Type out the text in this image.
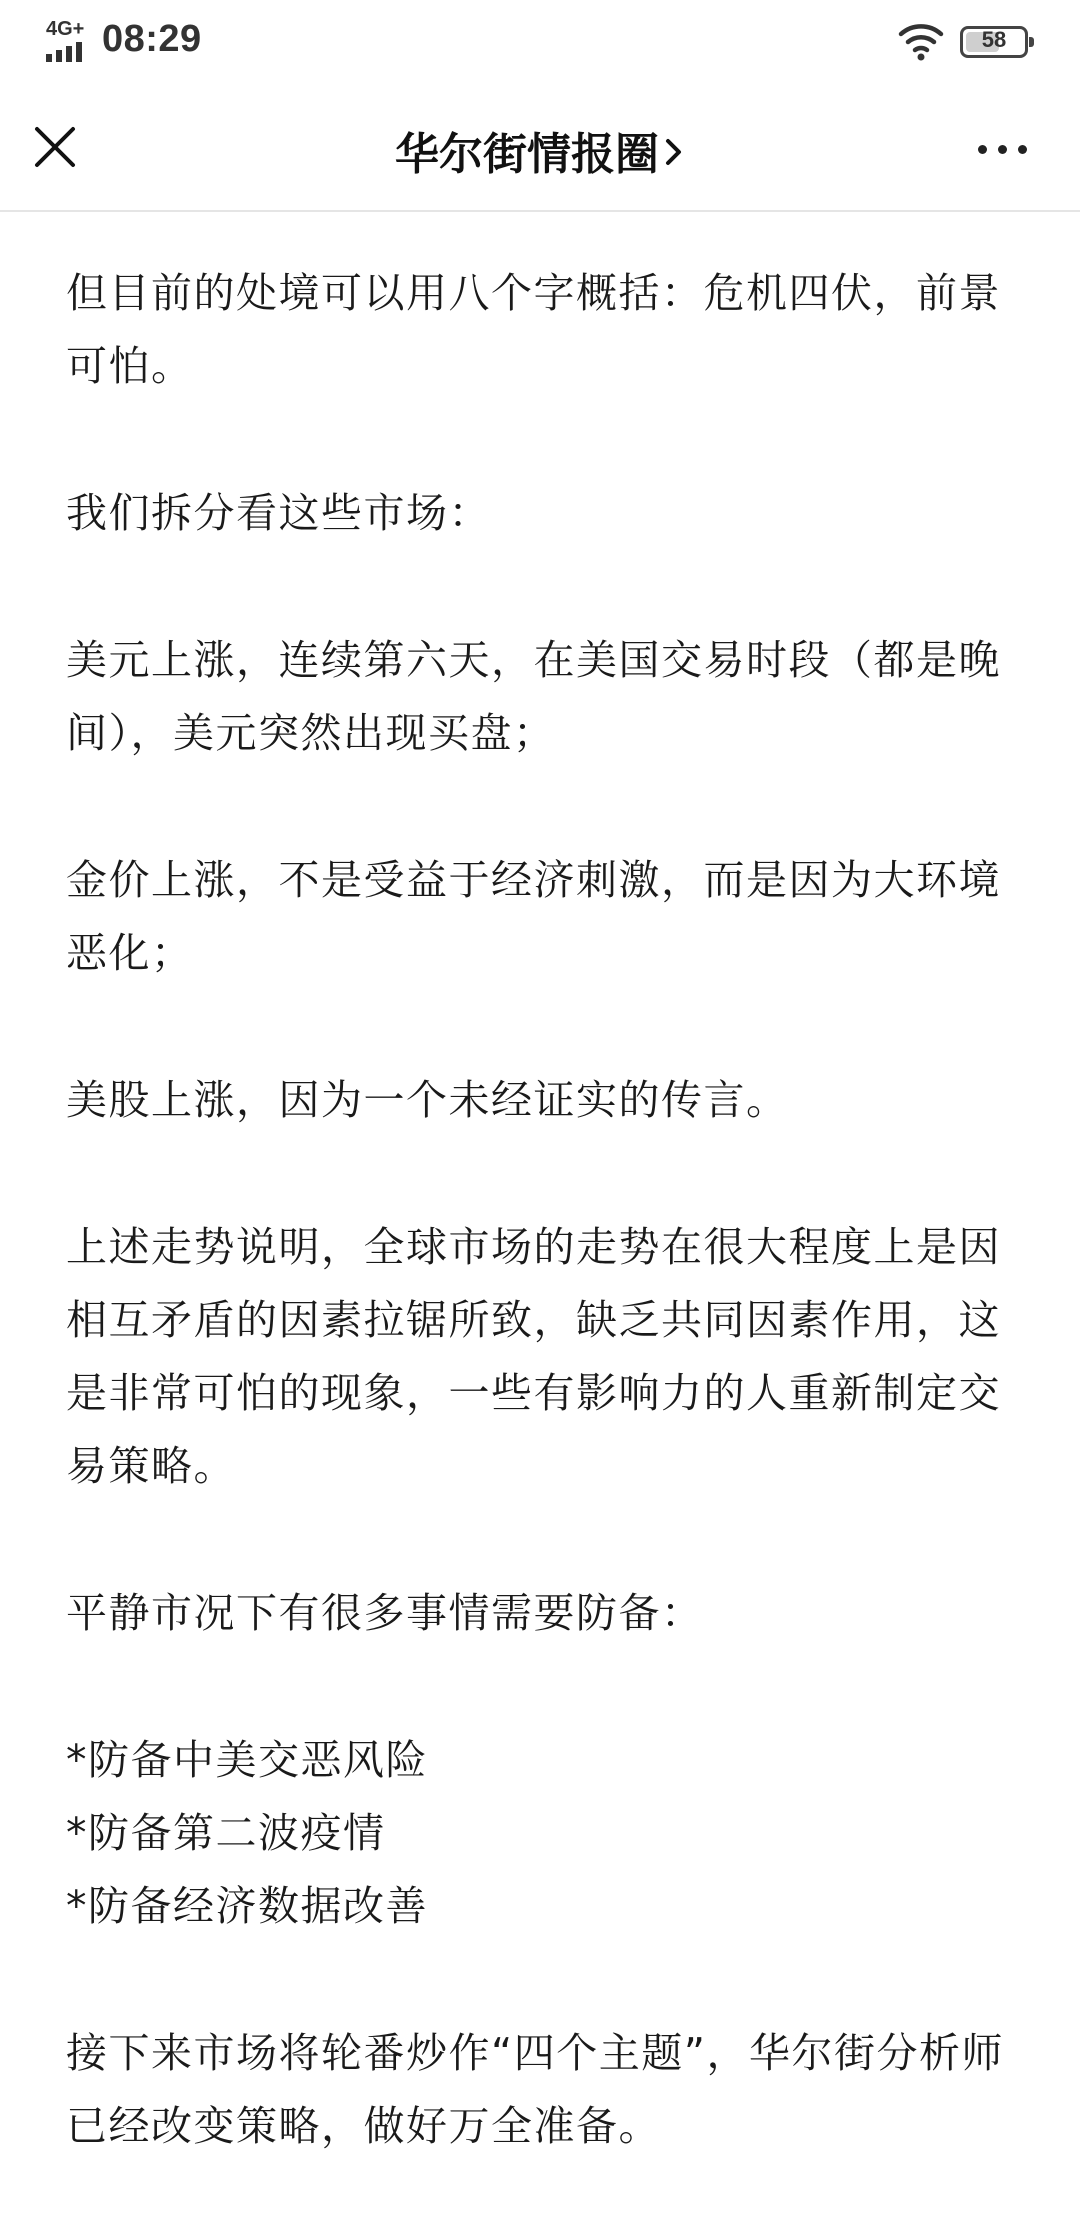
4G+ 08:29	58
华尔街情报圈

但目前的处境可以用八个字概括：危机四伏，前景可怕。

我们拆分看这些市场：

美元上涨，连续第六天，在美国交易时段（都是晚间），美元突然出现买盘；

金价上涨，不是受益于经济刺激，而是因为大环境恶化；

美股上涨，因为一个未经证实的传言。

上述走势说明，全球市场的走势在很大程度上是因相互矛盾的因素拉锯所致，缺乏共同因素作用，这是非常可怕的现象，一些有影响力的人重新制定交易策略。

平静市况下有很多事情需要防备：

*防备中美交恶风险
*防备第二波疫情
*防备经济数据改善

接下来市场将轮番炒作“四个主题”，华尔街分析师已经改变策略，做好万全准备。
